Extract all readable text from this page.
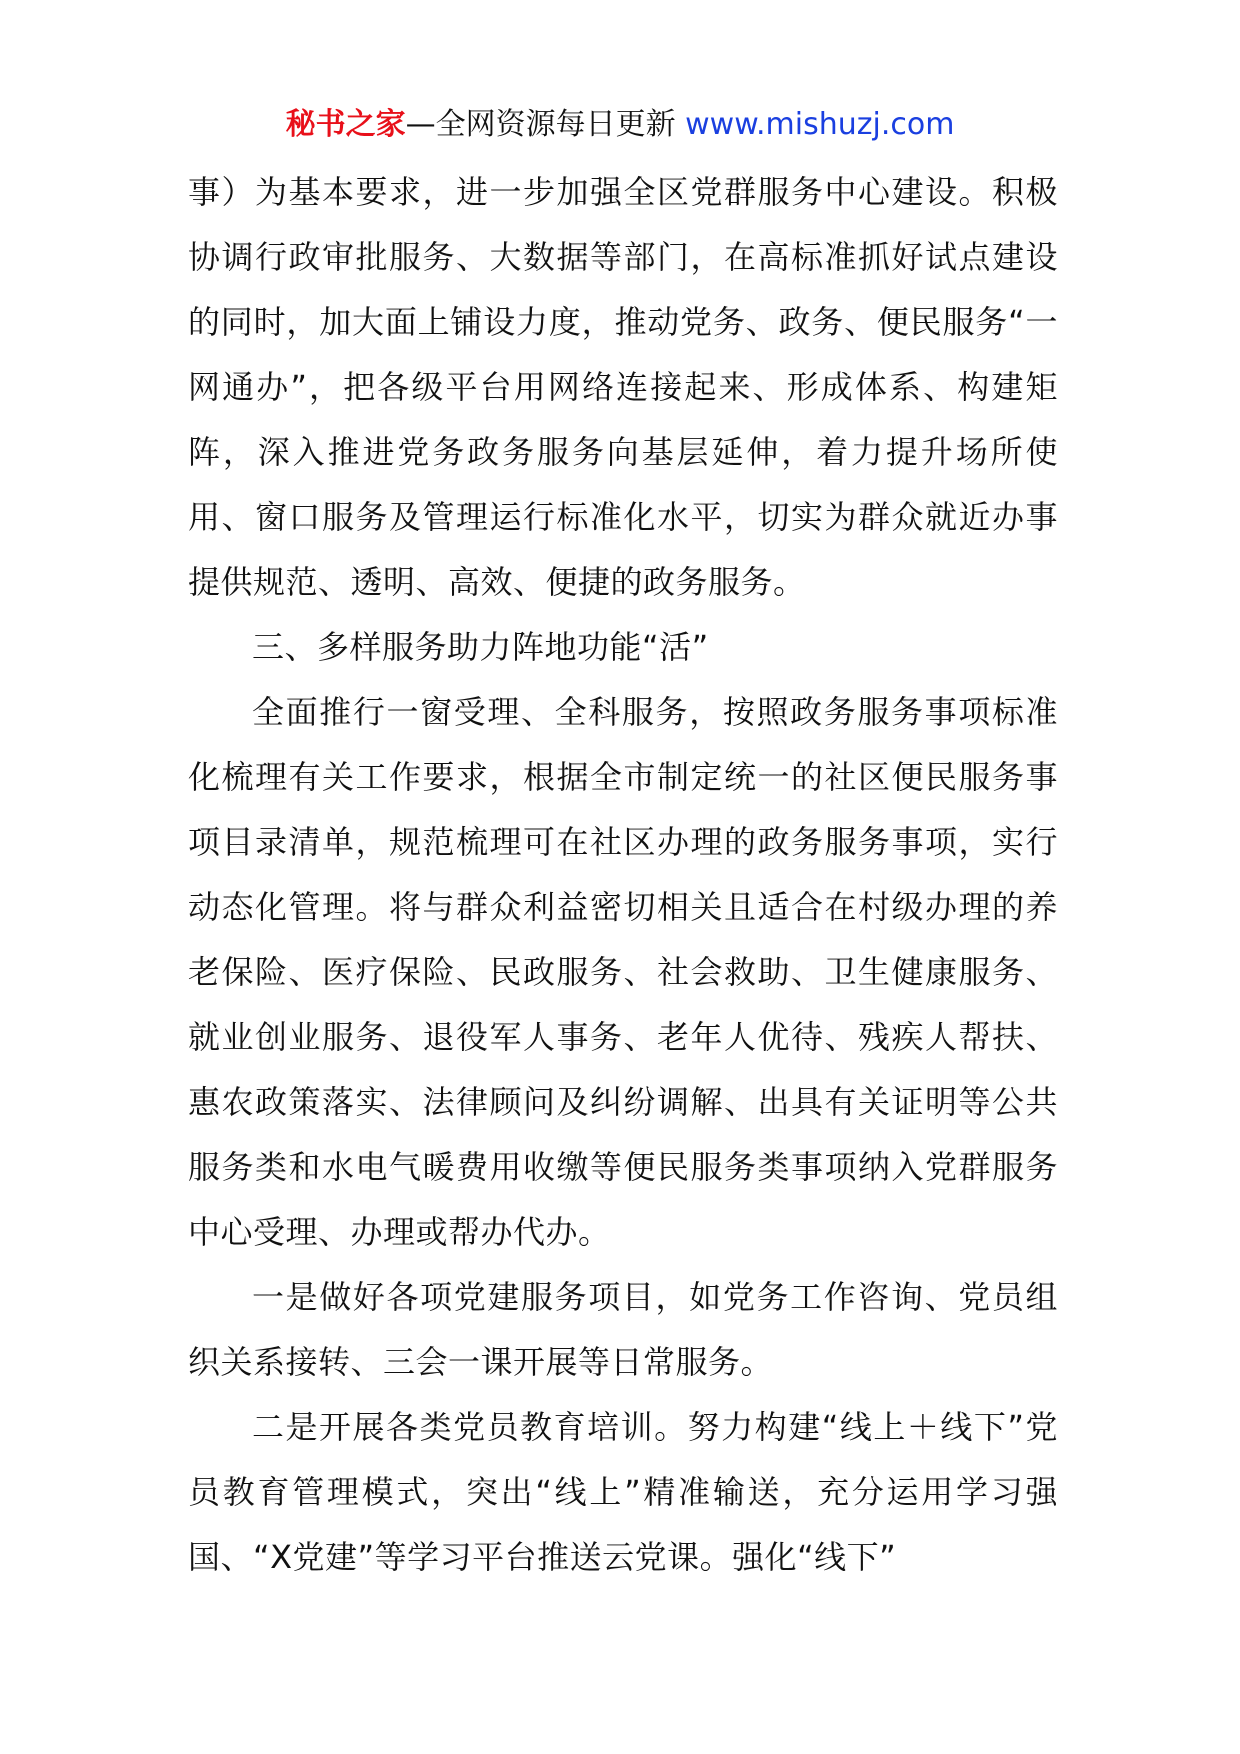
秘书之家—全网资源每日更新 www.mishuzj.com

事）为基本要求，进一步加强全区党群服务中心建设。积极协调行政审批服务、大数据等部门，在高标准抓好试点建设的同时，加大面上铺设力度，推动党务、政务、便民服务“一网通办”，把各级平台用网络连接起来、形成体系、构建矩阵，深入推进党务政务服务向基层延伸，着力提升场所使用、窗口服务及管理运行标准化水平，切实为群众就近办事提供规范、透明、高效、便捷的政务服务。

三、多样服务助力阵地功能“活”

全面推行一窗受理、全科服务，按照政务服务事项标准化梳理有关工作要求，根据全市制定统一的社区便民服务事项目录清单，规范梳理可在社区办理的政务服务事项，实行动态化管理。将与群众利益密切相关且适合在村级办理的养老保险、医疗保险、民政服务、社会救助、卫生健康服务、就业创业服务、退役军人事务、老年人优待、残疾人帮扶、惠农政策落实、法律顾问及纠纷调解、出具有关证明等公共服务类和水电气暖费用收缴等便民服务类事项纳入党群服务中心受理、办理或帮办代办。

一是做好各项党建服务项目，如党务工作咨询、党员组织关系接转、三会一课开展等日常服务。

二是开展各类党员教育培训。努力构建“线上＋线下”党员教育管理模式，突出“线上”精准输送，充分运用学习强国、“X党建”等学习平台推送云党课。强化“线下”
